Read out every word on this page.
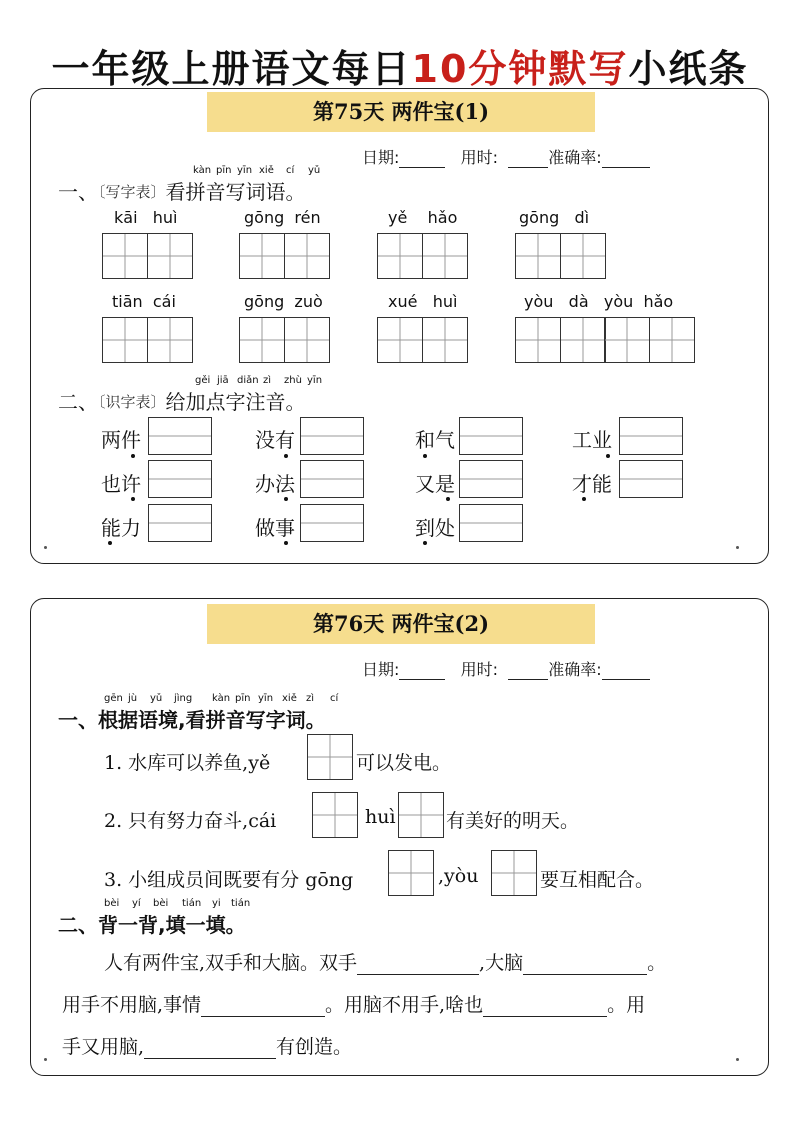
一年级上册语文每日10分钟默写小纸条
第75天 两件宝(1)
日期:	用时:	准确率:
kàn pīn yīn xiě cí yǔ
一、〔写字表〕看拼音写词语。
kāi   huì	gōng  rén	yě    hǎo	gōng   dì
tiān  cái	gōng  zuò	xué   huì	yòu   dà   yòu  hǎo
gěi jiā diǎn zì zhù yīn
二、〔识字表〕给加点字注音。
两件	没有	和气	工业
也许	办法	又是	才能
能力	做事	到处
第76天 两件宝(2)
日期:	用时:	准确率:
gēn jù yǔ jìng kàn pīn yīn xiě zì cí
一、根据语境,看拼音写字词。
1. 水库可以养鱼,yě	可以发电。
2. 只有努力奋斗,cái	huì	有美好的明天。
3. 小组成员间既要有分 gōng	,yòu	要互相配合。
bèi yí bèi tián yi tián
二、背一背,填一填。
人有两件宝,双手和大脑。双手	,大脑	。
用手不用脑,事情	。用脑不用手,啥也	。用
手又用脑,	有创造。
